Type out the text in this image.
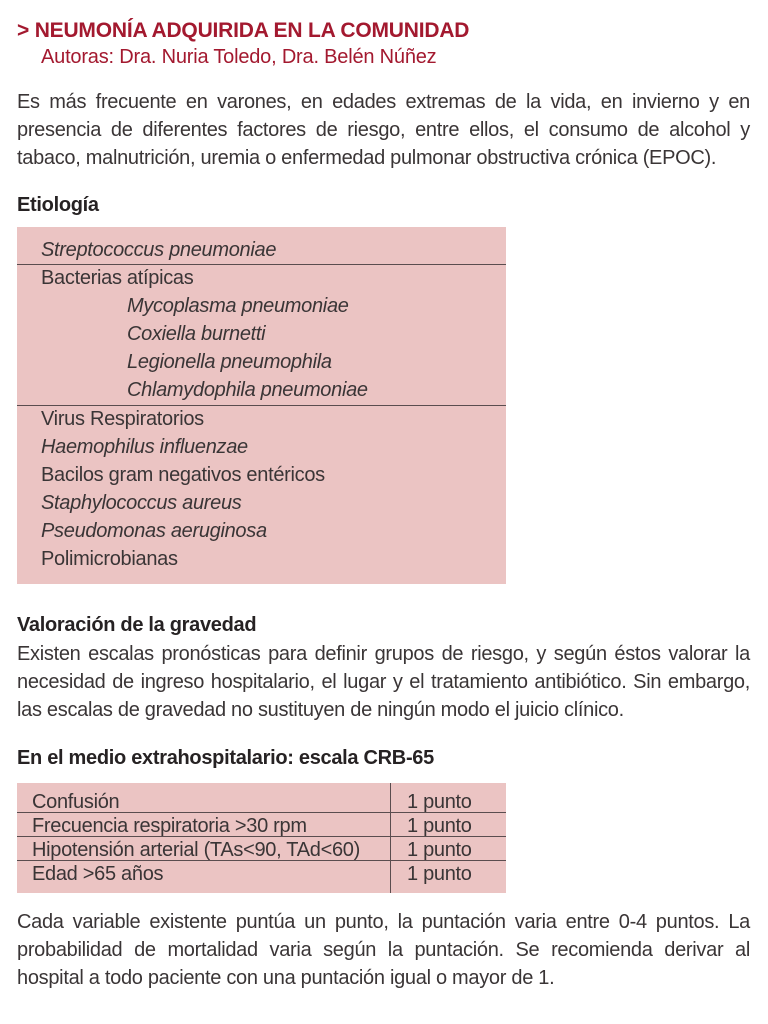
> NEUMONÍA ADQUIRIDA EN LA COMUNIDAD

Autoras: Dra. Nuria Toledo, Dra. Belén Núñez

Es más frecuente en varones, en edades extremas de la vida, en invierno y en presencia de diferentes factores de riesgo, entre ellos, el consumo de alcohol y tabaco, malnutrición, uremia o enfermedad pulmonar obstructiva crónica (EPOC).

Etiología
Streptococcus pneumoniae
Bacterias atípicas
Mycoplasma pneumoniae
Coxiella burnetti
Legionella pneumophila
Chlamydophila pneumoniae
Virus Respiratorios
Haemophilus influenzae
Bacilos gram negativos entéricos
Staphylococcus aureus
Pseudomonas aeruginosa
Polimicrobianas
Valoración de la gravedad

Existen escalas pronósticas para definir grupos de riesgo, y según éstos valorar la necesidad de ingreso hospitalario, el lugar y el tratamiento antibiótico. Sin embargo, las escalas de gravedad no sustituyen de ningún modo el juicio clínico.

En el medio extrahospitalario: escala CRB-65
Confusión	1 punto
Frecuencia respiratoria >30 rpm	1 punto
Hipotensión arterial (TAs<90, TAd<60) 1 punto
Edad >65 años	1 punto

Cada variable existente puntúa un punto, la puntación varia entre 0-4 puntos. La probabilidad de mortalidad varia según la puntación. Se recomienda derivar al hospital a todo paciente con una puntación igual o mayor de 1.
